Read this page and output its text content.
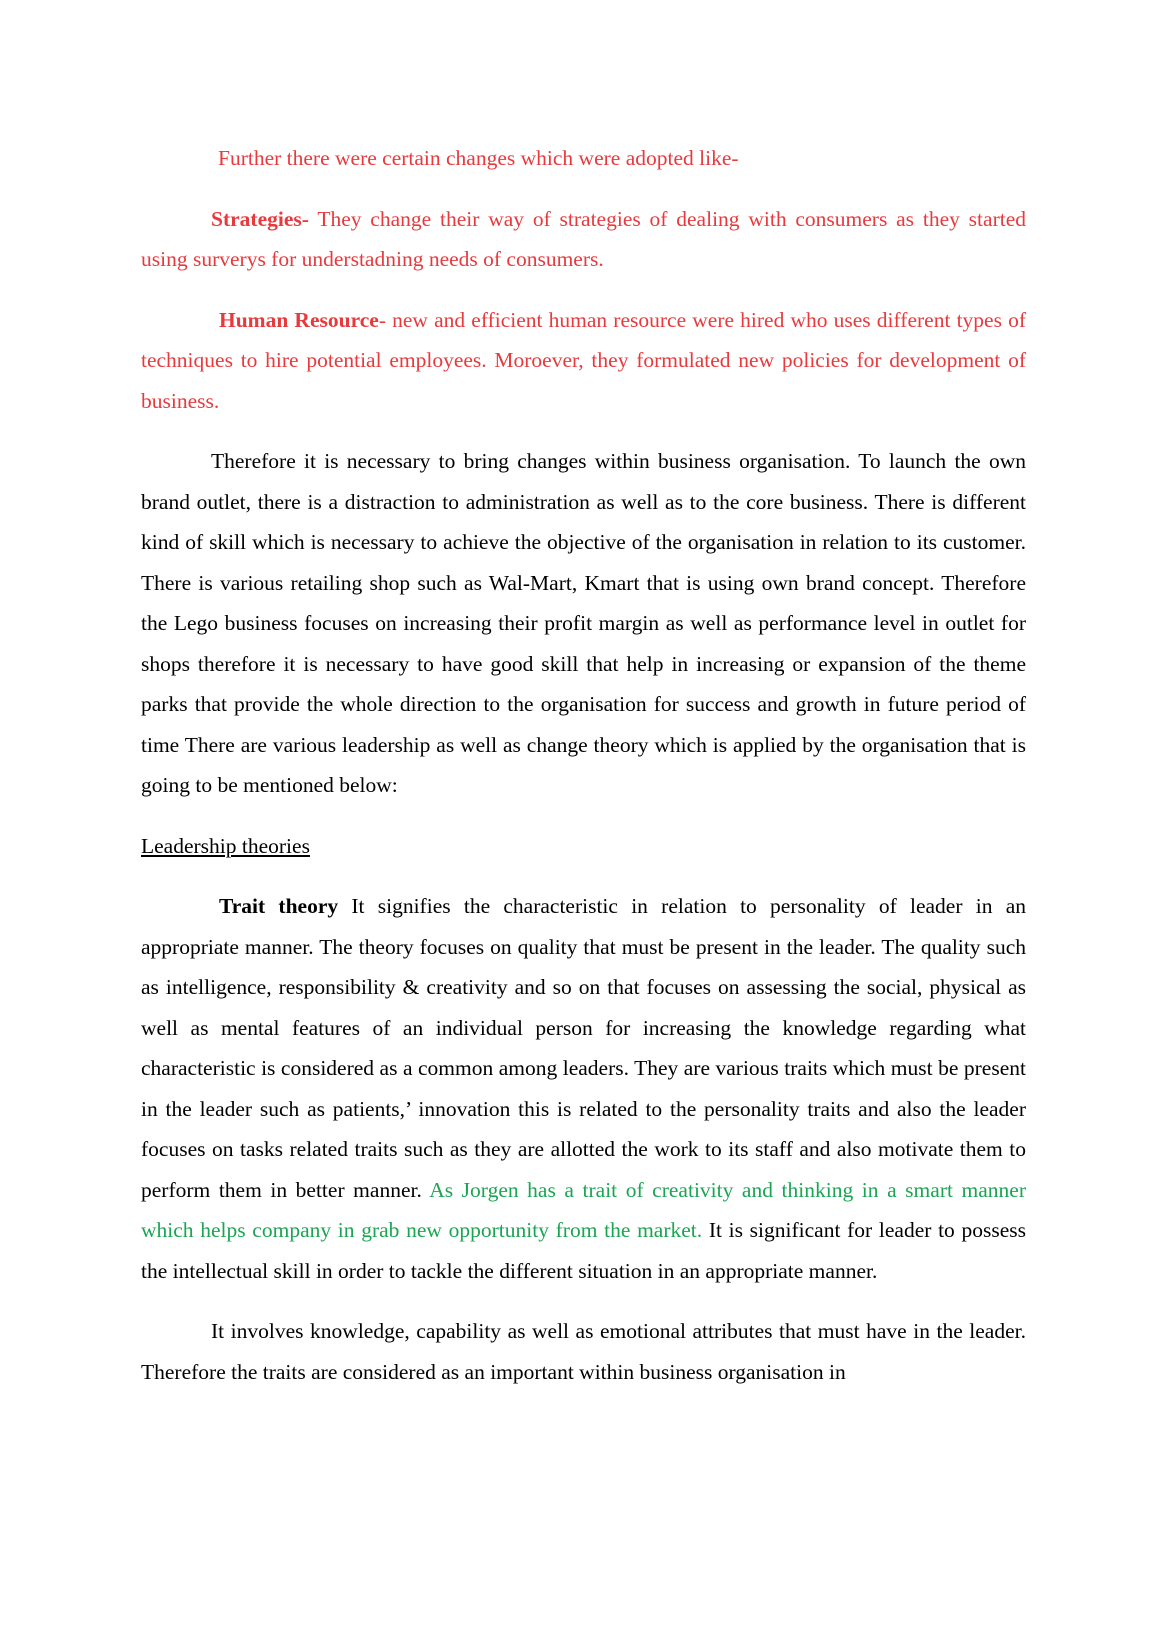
Further there were certain changes which were adopted like-

Strategies- They change their way of strategies of dealing with consumers as they started using surverys for understadning needs of consumers.

Human Resource- new and efficient human resource were hired who uses different types of techniques to hire potential employees. Moroever, they formulated new policies for development of business.

Therefore it is necessary to bring changes within business organisation. To launch the own brand outlet, there is a distraction to administration as well as to the core business. There is different kind of skill which is necessary to achieve the objective of the organisation in relation to its customer. There is various retailing shop such as Wal-Mart, Kmart that is using own brand concept. Therefore the Lego business focuses on increasing their profit margin as well as performance level in outlet for shops therefore it is necessary to have good skill that help in increasing or expansion of the theme parks that provide the whole direction to the organisation for success and growth in future period of time There are various leadership as well as change theory which is applied by the organisation that is going to be mentioned below:

Leadership theories

Trait theory It signifies the characteristic in relation to personality of leader in an appropriate manner. The theory focuses on quality that must be present in the leader. The quality such as intelligence, responsibility & creativity and so on that focuses on assessing the social, physical as well as mental features of an individual person for increasing the knowledge regarding what characteristic is considered as a common among leaders. They are various traits which must be present in the leader such as patients,’ innovation this is related to the personality traits and also the leader focuses on tasks related traits such as they are allotted the work to its staff and also motivate them to perform them in better manner. As Jorgen has a trait of creativity and thinking in a smart manner which helps company in grab new opportunity from the market. It is significant for leader to possess the intellectual skill in order to tackle the different situation in an appropriate manner.

It involves knowledge, capability as well as emotional attributes that must have in the leader. Therefore the traits are considered as an important within business organisation in
